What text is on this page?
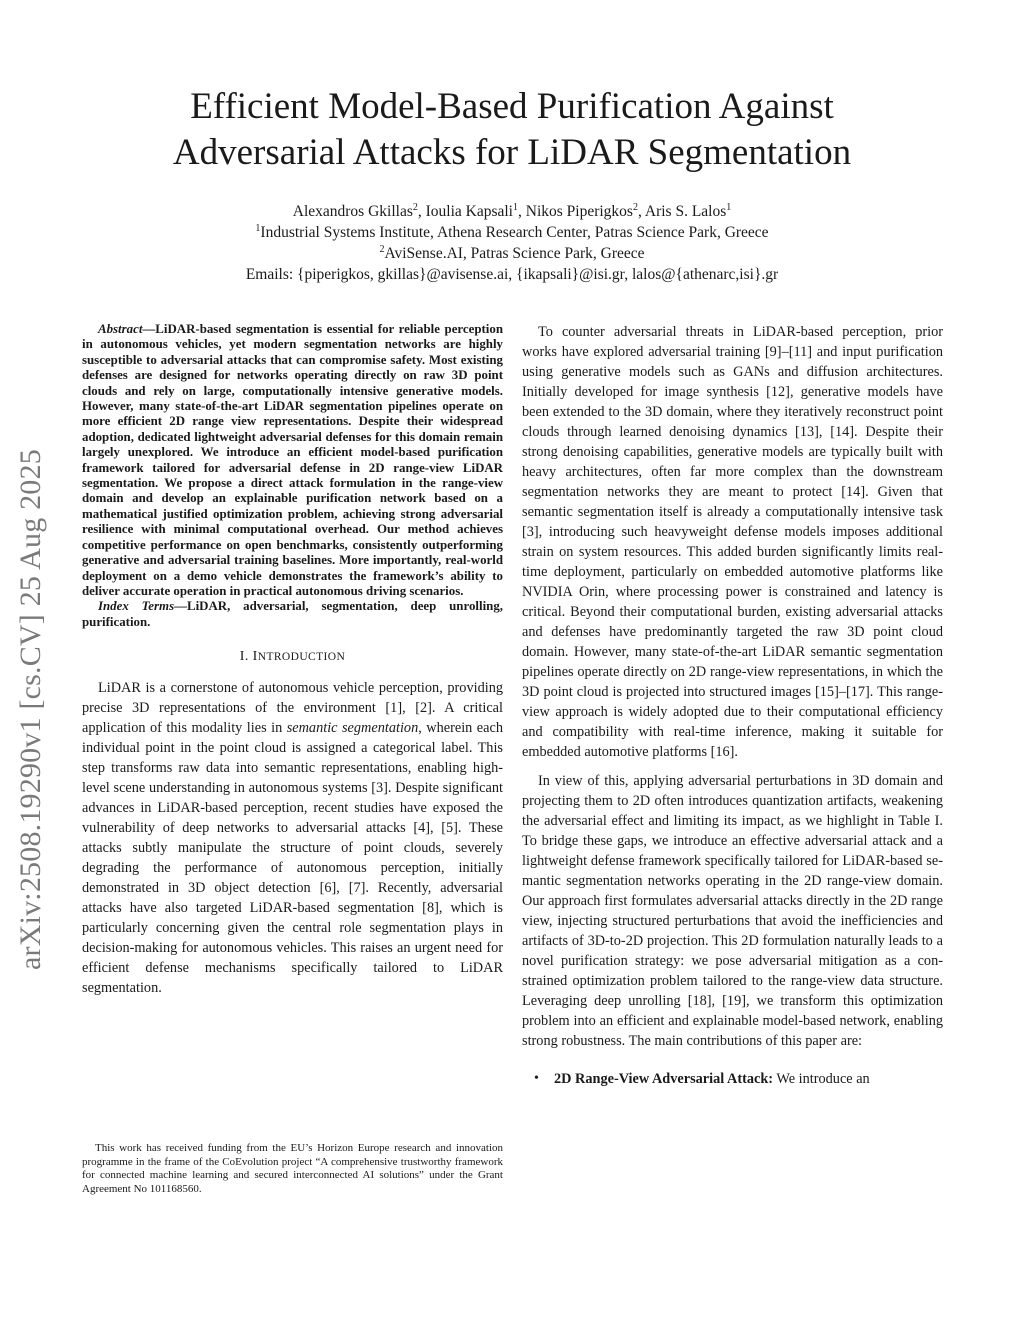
arXiv:2508.19290v1 [cs.CV] 25 Aug 2025
Efficient Model-Based Purification Against
Adversarial Attacks for LiDAR Segmentation
Alexandros Gkillas$^2$, Ioulia Kapsali$^1$, Nikos Piperigkos$^2$, Aris S. Lalos$^1$
$^1$Industrial Systems Institute, Athena Research Center, Patras Science Park, Greece
$^2$AviSense.AI, Patras Science Park, Greece
Emails: {piperigkos, gkillas}@avisense.ai, {ikapsali}@isi.gr, lalos@{athenarc,isi}.gr

Abstract—LiDAR-based segmentation is essential for reliable perception in autonomous vehicles, yet modern segmentation networks are highly susceptible to adversarial attacks that can compromise safety. Most existing defenses are designed for networks operating directly on raw 3D point clouds and rely on large, computationally intensive generative models. However, many state-of-the-art LiDAR segmentation pipelines operate on more efficient 2D range view representations. Despite their widespread adoption, dedicated lightweight adversarial defenses for this domain remain largely unexplored. We introduce an efficient model-based purification framework tailored for adversarial defense in 2D range-view LiDAR segmentation. We propose a direct attack formulation in the range-view domain and develop an explainable purification network based on a mathematical justified optimization problem, achieving strong adversarial resilience with minimal computational overhead. Our method achieves competitive performance on open benchmarks, consistently outperforming generative and adversarial training baselines. More importantly, real-world deployment on a demo vehicle demonstrates the framework’s ability to deliver accurate operation in practical autonomous driving scenarios.

Index Terms—LiDAR, adversarial, segmentation, deep unrolling, purification.

I. INTRODUCTION

LiDAR is a cornerstone of autonomous vehicle perception, providing precise 3D representations of the environment [1], [2]. A critical application of this modality lies in semantic segmentation, wherein each individual point in the point cloud is assigned a categorical label. This step transforms raw data into semantic representations, enabling high-level scene understanding in autonomous systems [3]. Despite significant advances in LiDAR-based perception, recent studies have exposed the vulnerability of deep networks to adversarial attacks [4], [5]. These attacks subtly manipulate the structure of point clouds, severely degrading the performance of autonomous perception, initially demonstrated in 3D object detection [6], [7]. Recently, adversarial attacks have also targeted LiDAR-based segmentation [8], which is particularly concerning given the central role segmentation plays in decision-making for autonomous vehicles. This raises an urgent need for efficient defense mechanisms specifically tailored to LiDAR segmentation.

This work has received funding from the EU’s Horizon Europe research and innovation programme in the frame of the CoEvolution project “A comprehensive trustworthy framework for connected machine learning and secured interconnected AI solutions” under the Grant Agreement No 101168560.

To counter adversarial threats in LiDAR-based perception, prior works have explored adversarial training [9]–[11] and input purification using generative models such as GANs and diffusion architectures. Initially developed for image synthesis [12], generative models have been extended to the 3D domain, where they iteratively reconstruct point clouds through learned denoising dynamics [13], [14]. Despite their strong denoising capabilities, generative models are typically built with heavy architectures, often far more complex than the downstream segmentation networks they are meant to protect [14]. Given that semantic segmentation itself is already a computationally intensive task [3], introducing such heavyweight defense models imposes additional strain on system resources. This added burden significantly limits real-time deployment, particularly on embedded automotive platforms like NVIDIA Orin, where processing power is constrained and latency is critical. Beyond their computational burden, existing adversarial attacks and defenses have predominantly targeted the raw 3D point cloud domain. However, many state-of-the-art LiDAR semantic segmentation pipelines operate directly on 2D range-view representations, in which the 3D point cloud is projected into structured images [15]–[17]. This range-view approach is widely adopted due to their computational efficiency and compatibility with real-time inference, making it suitable for embedded automotive platforms [16].

In view of this, applying adversarial perturbations in 3D domain and projecting them to 2D often introduces quantization artifacts, weakening the adversarial effect and limiting its impact, as we highlight in Table I. To bridge these gaps, we introduce an effective adversarial attack and a lightweight defense framework specifically tailored for LiDAR-based semantic segmentation networks operating in the 2D range-view domain. Our approach first formulates adversarial attacks directly in the 2D range view, injecting structured perturbations that avoid the inefficiencies and artifacts of 3D-to-2D projection. This 2D formulation naturally leads to a novel purification strategy: we pose adversarial mitigation as a constrained optimization problem tailored to the range-view data structure. Leveraging deep unrolling [18], [19], we transform this optimization problem into an efficient and explainable model-based network, enabling strong robustness. The main contributions of this paper are:

• 2D Range-View Adversarial Attack: We introduce an
